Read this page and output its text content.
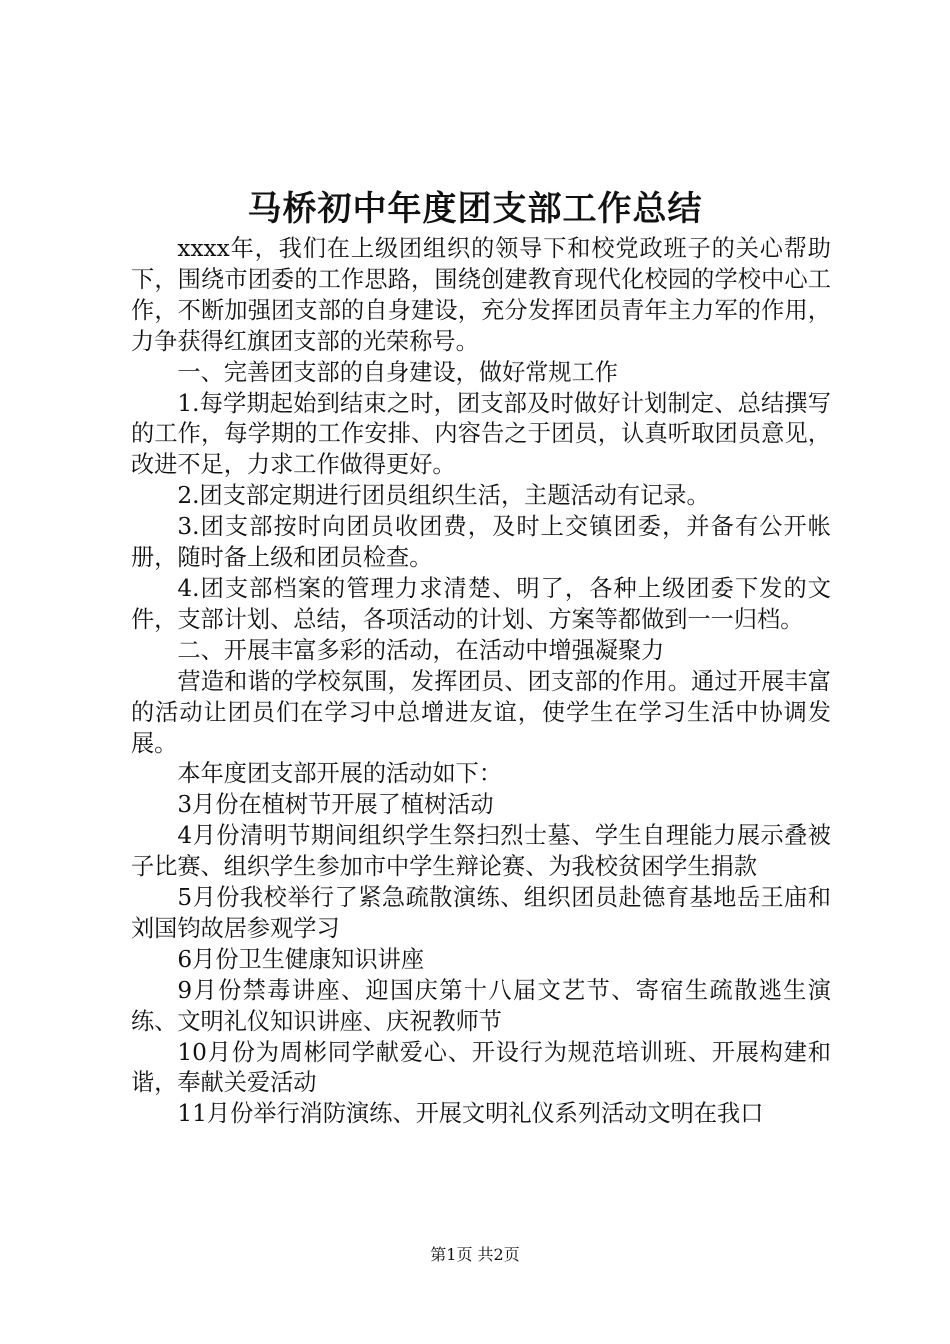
马桥初中年度团支部工作总结

xxxx年，我们在上级团组织的领导下和校党政班子的关心帮助下，围绕市团委的工作思路，围绕创建教育现代化校园的学校中心工作，不断加强团支部的自身建设，充分发挥团员青年主力军的作用，力争获得红旗团支部的光荣称号。

一、完善团支部的自身建设，做好常规工作

1.每学期起始到结束之时，团支部及时做好计划制定、总结撰写的工作，每学期的工作安排、内容告之于团员，认真听取团员意见，改进不足，力求工作做得更好。

2.团支部定期进行团员组织生活，主题活动有记录。

3.团支部按时向团员收团费，及时上交镇团委，并备有公开帐册，随时备上级和团员检查。

4.团支部档案的管理力求清楚、明了，各种上级团委下发的文件，支部计划、总结，各项活动的计划、方案等都做到一一归档。

二、开展丰富多彩的活动，在活动中增强凝聚力

营造和谐的学校氛围，发挥团员、团支部的作用。通过开展丰富的活动让团员们在学习中总增进友谊，使学生在学习生活中协调发展。

本年度团支部开展的活动如下：

3月份在植树节开展了植树活动

4月份清明节期间组织学生祭扫烈士墓、学生自理能力展示叠被子比赛、组织学生参加市中学生辩论赛、为我校贫困学生捐款

5月份我校举行了紧急疏散演练、组织团员赴德育基地岳王庙和刘国钧故居参观学习

6月份卫生健康知识讲座

9月份禁毒讲座、迎国庆第十八届文艺节、寄宿生疏散逃生演练、文明礼仪知识讲座、庆祝教师节

10月份为周彬同学献爱心、开设行为规范培训班、开展构建和谐，奉献关爱活动

11月份举行消防演练、开展文明礼仪系列活动文明在我口

第1页 共2页
